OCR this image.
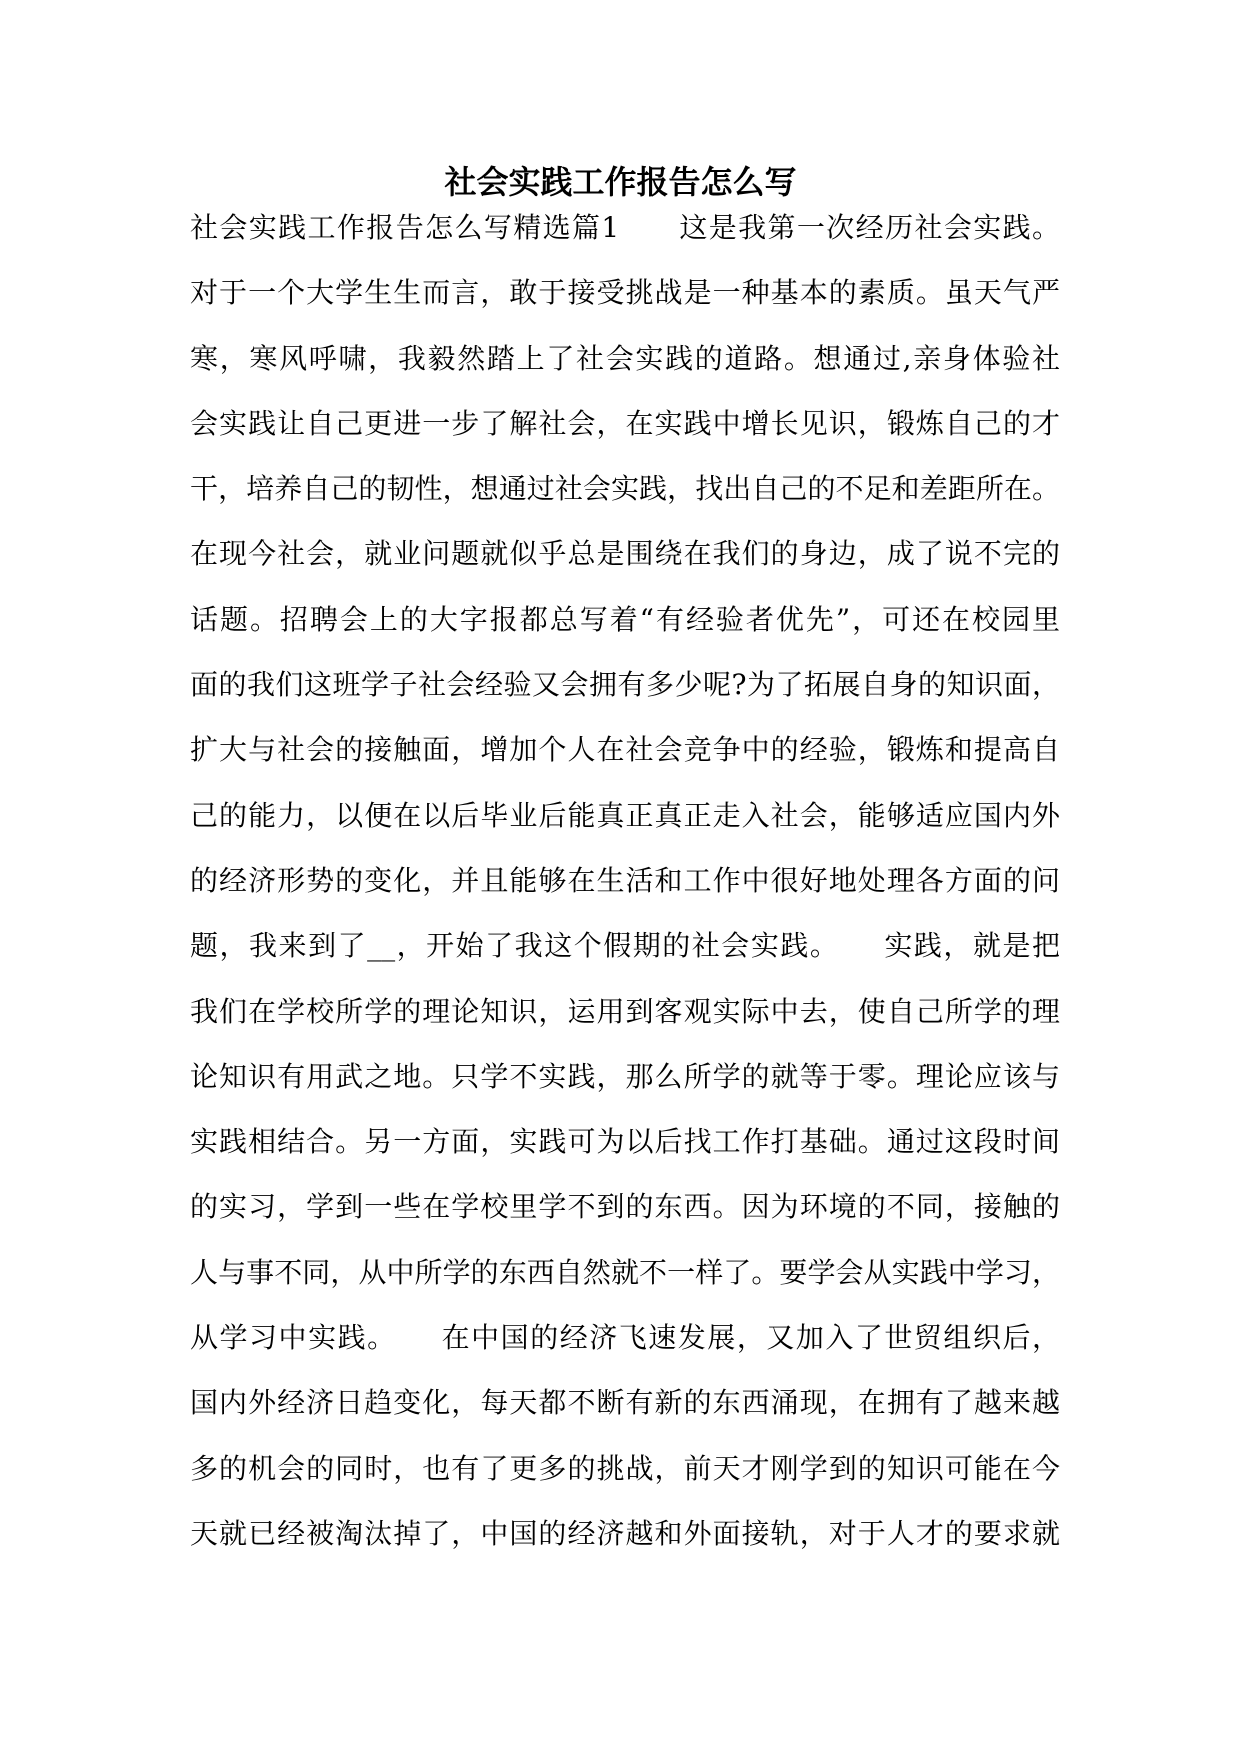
社会实践工作报告怎么写
社会实践工作报告怎么写精选篇1　　这是我第一次经历社会实践。
对于一个大学生生而言，敢于接受挑战是一种基本的素质。虽天气严
寒，寒风呼啸，我毅然踏上了社会实践的道路。想通过,亲身体验社
会实践让自己更进一步了解社会，在实践中增长见识，锻炼自己的才
干，培养自己的韧性，想通过社会实践，找出自己的不足和差距所在。
在现今社会，就业问题就似乎总是围绕在我们的身边，成了说不完的
话题。招聘会上的大字报都总写着“有经验者优先”，可还在校园里
面的我们这班学子社会经验又会拥有多少呢?为了拓展自身的知识面，
扩大与社会的接触面，增加个人在社会竞争中的经验，锻炼和提高自
己的能力，以便在以后毕业后能真正真正走入社会，能够适应国内外
的经济形势的变化，并且能够在生活和工作中很好地处理各方面的问
题，我来到了__，开始了我这个假期的社会实践。　　实践，就是把
我们在学校所学的理论知识，运用到客观实际中去，使自己所学的理
论知识有用武之地。只学不实践，那么所学的就等于零。理论应该与
实践相结合。另一方面，实践可为以后找工作打基础。通过这段时间
的实习，学到一些在学校里学不到的东西。因为环境的不同，接触的
人与事不同，从中所学的东西自然就不一样了。要学会从实践中学习，
从学习中实践。　　在中国的经济飞速发展，又加入了世贸组织后，
国内外经济日趋变化，每天都不断有新的东西涌现，在拥有了越来越
多的机会的同时，也有了更多的挑战，前天才刚学到的知识可能在今
天就已经被淘汰掉了，中国的经济越和外面接轨，对于人才的要求就
